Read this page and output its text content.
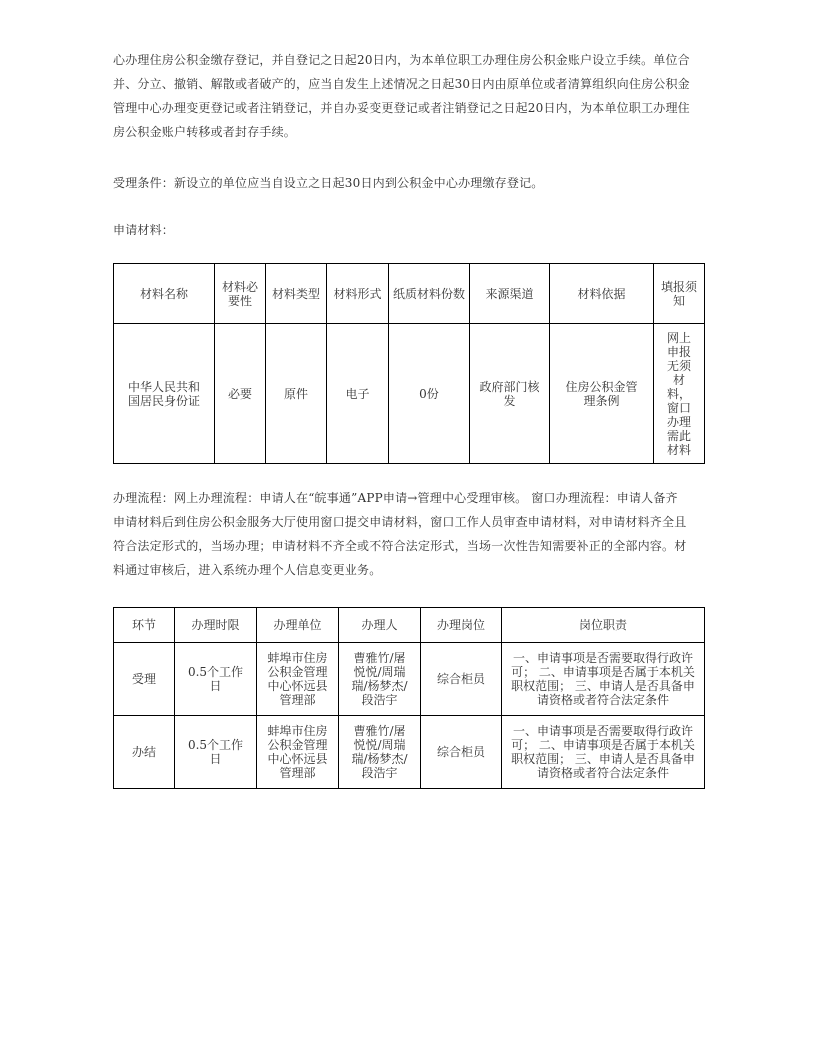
心办理住房公积金缴存登记，并自登记之日起20日内，为本单位职工办理住房公积金账户设立手续。单位合
并、分立、撤销、解散或者破产的，应当自发生上述情况之日起30日内由原单位或者清算组织向住房公积金
管理中心办理变更登记或者注销登记，并自办妥变更登记或者注销登记之日起20日内，为本单位职工办理住
房公积金账户转移或者封存手续。
受理条件：新设立的单位应当自设立之日起30日内到公积金中心办理缴存登记。
申请材料：
材料名称	材料必要性	材料类型	材料形式	纸质材料份数	来源渠道	材料依据	填报须知
中华人民共和国居民身份证	必要	原件	电子	0份	政府部门核发	住房公积金管理条例	网上申报无须材料，窗口办理需此材料
办理流程：网上办理流程：申请人在“皖事通”APP申请→管理中心受理审核。 窗口办理流程：申请人备齐
申请材料后到住房公积金服务大厅使用窗口提交申请材料，窗口工作人员审查申请材料，对申请材料齐全且
符合法定形式的，当场办理；申请材料不齐全或不符合法定形式，当场一次性告知需要补正的全部内容。材
料通过审核后，进入系统办理个人信息变更业务。
环节	办理时限	办理单位	办理人	办理岗位	岗位职责
受理	0.5个工作日	蚌埠市住房公积金管理中心怀远县管理部	曹雅竹/屠悦悦/周瑞瑞/杨梦杰/段浩宇	综合柜员	一、申请事项是否需要取得行政许可； 二、申请事项是否属于本机关职权范围； 三、申请人是否具备申请资格或者符合法定条件
办结	0.5个工作日	蚌埠市住房公积金管理中心怀远县管理部	曹雅竹/屠悦悦/周瑞瑞/杨梦杰/段浩宇	综合柜员	一、申请事项是否需要取得行政许可； 二、申请事项是否属于本机关职权范围； 三、申请人是否具备申请资格或者符合法定条件
